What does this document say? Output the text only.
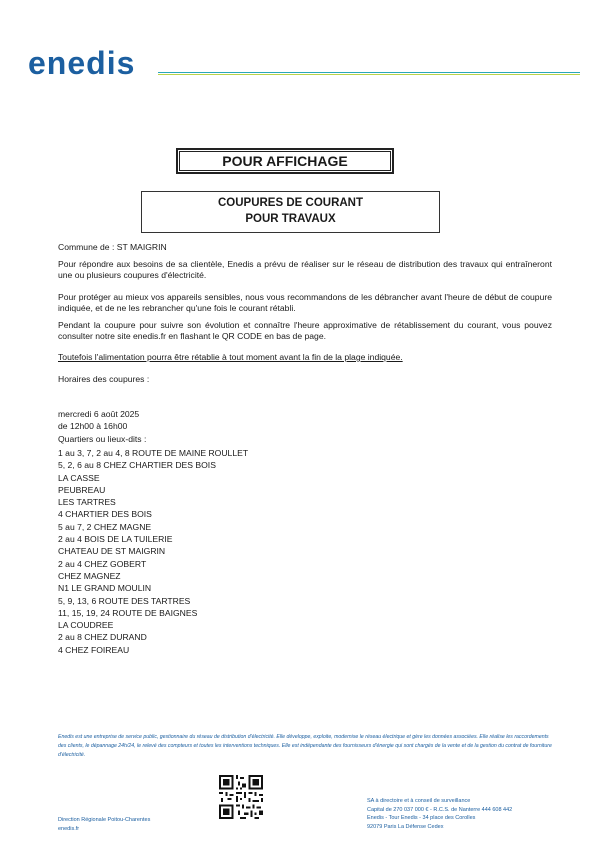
enedis
POUR AFFICHAGE
COUPURES DE COURANT
POUR TRAVAUX
Commune de : ST MAIGRIN

Pour répondre aux besoins de sa clientèle, Enedis a prévu de réaliser sur le réseau de distribution des travaux qui entraîneront une ou plusieurs coupures d'électricité.

Pour protéger au mieux vos appareils sensibles, nous vous recommandons de les débrancher avant l'heure de début de coupure indiquée, et de ne les rebrancher qu'une fois le courant rétabli.

Pendant la coupure pour suivre son évolution et connaître l'heure approximative de rétablissement du courant, vous pouvez consulter notre site enedis.fr en flashant le QR CODE en bas de page.

Toutefois l'alimentation pourra être rétablie à tout moment avant la fin de la plage indiquée.

Horaires des coupures :
mercredi 6 août 2025
de 12h00 à 16h00
Quartiers ou lieux-dits :
1 au 3, 7, 2 au 4, 8 ROUTE DE MAINE ROULLET
5, 2, 6 au 8 CHEZ CHARTIER DES BOIS
LA CASSE
PEUBREAU
LES TARTRES
4 CHARTIER DES BOIS
5 au 7, 2 CHEZ MAGNE
2 au 4 BOIS DE LA TUILERIE
CHATEAU DE ST MAIGRIN
2 au 4 CHEZ GOBERT
CHEZ MAGNEZ
N1 LE GRAND MOULIN
5, 9, 13, 6 ROUTE DES TARTRES
11, 15, 19, 24 ROUTE DE BAIGNES
LA COUDREE
2 au 8 CHEZ DURAND
4 CHEZ FOIREAU
Enedis est une entreprise de service public, gestionnaire du réseau de distribution d'électricité. Elle développe, exploite, modernise le réseau électrique et gère les données associées. Elle réalise les raccordements des clients, le dépannage 24h/24, le relevé des compteurs et toutes les interventions techniques. Elle est indépendante des fournisseurs d'énergie qui sont chargés de la vente et de la gestion du contrat de fourniture d'électricité.
Direction Régionale Poitou-Charentes
enedis.fr
SA à directoire et à conseil de surveillance
Capital de 270 037 000 € - R.C.S. de Nanterre 444 608 442
Enedis - Tour Enedis - 34 place des Corolles
92079 Paris La Défense Cedex
